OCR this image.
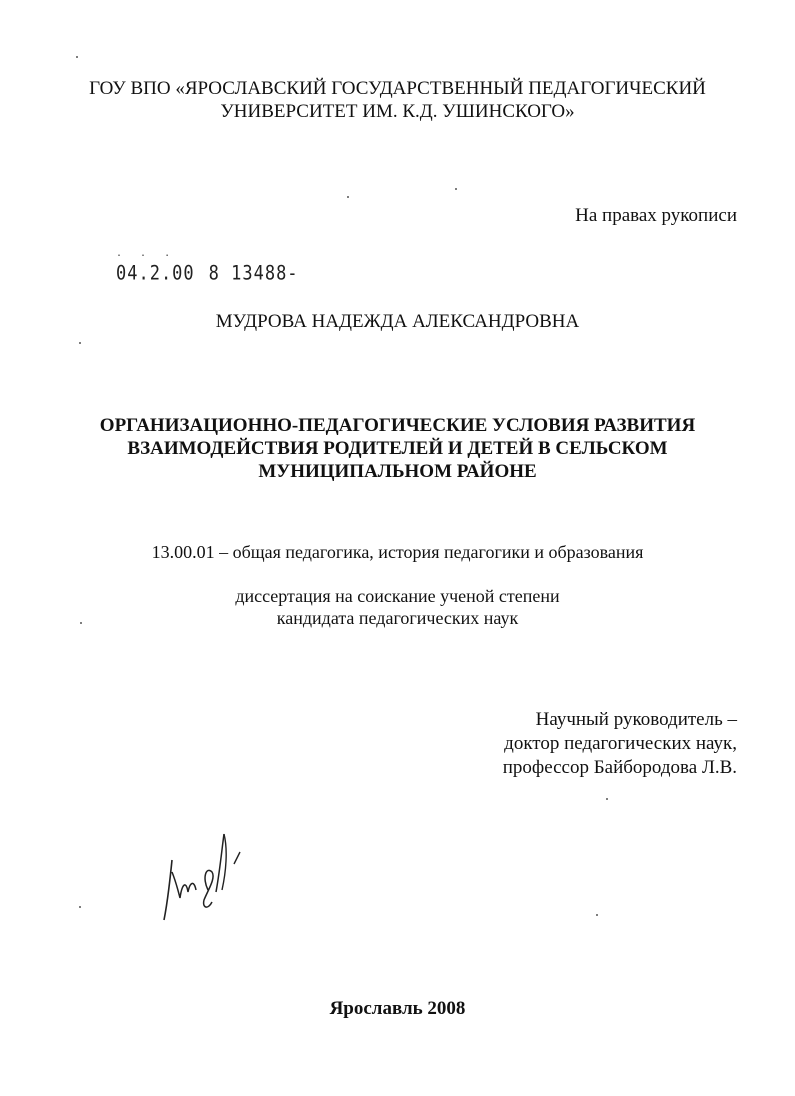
ГОУ ВПО «ЯРОСЛАВСКИЙ ГОСУДАРСТВЕННЫЙ ПЕДАГОГИЧЕСКИЙ
УНИВЕРСИТЕТ ИМ. К.Д. УШИНСКОГО»
На правах рукописи
. . .
04.2.00 8 13488-
МУДРОВА НАДЕЖДА АЛЕКСАНДРОВНА
ОРГАНИЗАЦИОННО-ПЕДАГОГИЧЕСКИЕ УСЛОВИЯ РАЗВИТИЯ
ВЗАИМОДЕЙСТВИЯ РОДИТЕЛЕЙ И ДЕТЕЙ В СЕЛЬСКОМ
МУНИЦИПАЛЬНОМ РАЙОНЕ
13.00.01 – общая педагогика, история педагогики и образования
диссертация на соискание ученой степени
кандидата педагогических наук
Научный руководитель –
доктор педагогических наук,
профессор Байбородова Л.В.
Ярославль 2008
